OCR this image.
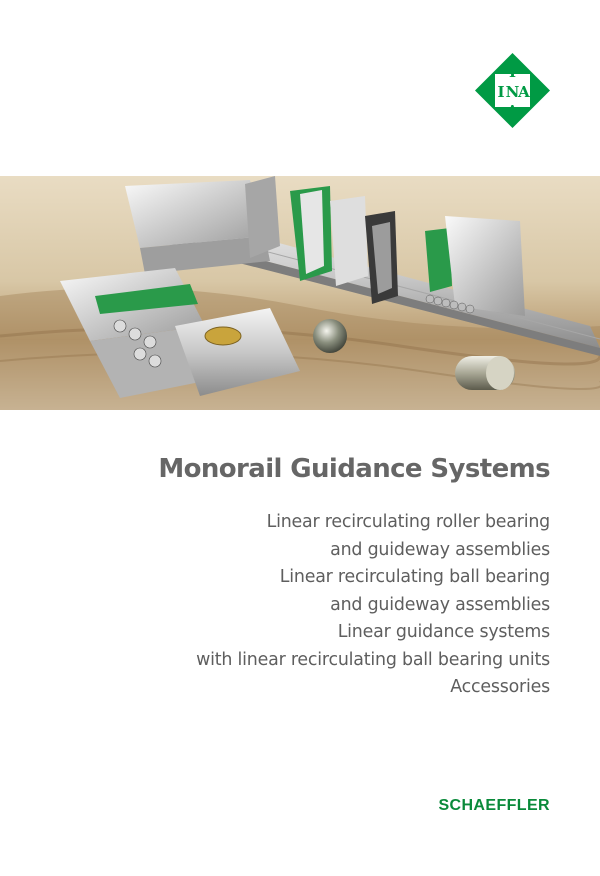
I
I N
A
A
Monorail Guidance Systems
Linear recirculating roller bearing
and guideway assemblies
Linear recirculating ball bearing
and guideway assemblies
Linear guidance systems
with linear recirculating ball bearing units
Accessories
SCHAEFFLER
